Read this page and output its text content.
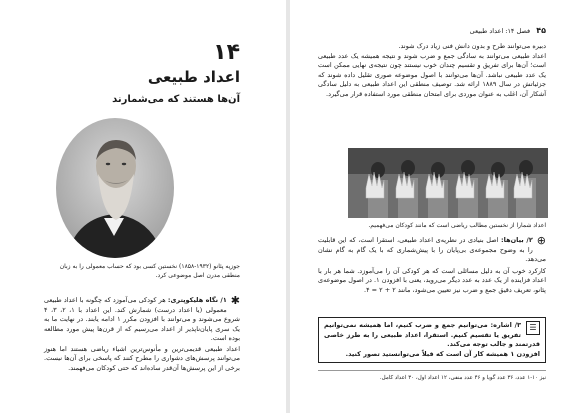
۱۴
اعداد طبیعی
آن‌ها هستند که می‌شمارند
جوزپه پئانو (۱۹۳۲-۱۸۵۸) نخستین کسی بود که حساب معمولی را به زبان منطقی مدرن اصل موضوعی کرد.
✱

۱/ نگاه هلیکوپتری: هر کودکی می‌آموزد که چگونه با اعداد طبیعی معمولی (یا اعداد درست) شمارش کند. این اعداد با ۱، ۲، ۳، ۴ شروع می‌شوند و می‌توانند با افزودن مکرر ۱ ادامه یابند. در نهایت ما به یک سری پایان‌ناپذیر از اعداد می‌رسیم که از قرن‌ها پیش مورد مطالعه بوده است.

اعداد طبیعی قدیمی‌ترین و مأنوس‌ترین اشیاء ریاضی هستند اما هنوز می‌توانند پرسش‌های دشواری را مطرح کنند که پاسخی برای آن‌ها نیست. برخی از این پرسش‌ها آن‌قدر ساده‌اند که حتی کودکان می‌فهمند.

۴۵ فصل ۱۴: اعداد طبیعی

دبیره می‌توانند طرح و بدون دانش فنی زیاد درک شوند.

اعداد طبیعی می‌توانند به سادگی جمع و ضرب شوند و نتیجه همیشه یک عدد طبیعی است؛ آن‌ها برای تفریق و تقسیم چندان خوب نیستند چون نتیجه‌ی نهایی ممکن است یک عدد طبیعی نباشد. آن‌ها می‌توانند با اصول موضوعه صوری تقلیل داده شوند که جزئیاتش در سال ۱۸۸۹ ارائه شد. توصیف منطقی این اعداد طبیعی به دلیل سادگی آشکار آن، اغلب به عنوان موردی برای امتحان منطقی مورد استفاده قرار می‌گیرد.

اعداد شمارا از نخستین مطالب ریاضی است که مانند کودکان می‌فهمیم.
⊕

۲/ بیان‌ها: اصل بنیادی در نظریه‌ی اعداد طبیعی، استقرا است، که این قابلیت را به وضوح مجموعه‌ی بی‌پایان را با پیش‌شماری که با یک گام به گام نشان می‌دهد.

کارکرد خوب آن به دلیل مسائلی است که هر کودکی آن را می‌آموزد. شما هر بار با اعداد فزاینده از یک عدد به عدد دیگر می‌روید، یعنی با افزودن ۱. در اصول موضوعه‌ی پئانو، تعریف دقیق جمع و ضرب نیز تعیین می‌شود، مانند ۲ + ۲ = ۴.

☰

۳/ اشاره: می‌توانیم جمع و ضرب کنیم، اما همیشه نمی‌توانیم تفریق یا تقسیم کنیم. استقرا، اعداد طبیعی را به طرز خاصی قدرتمند و جالب توجه می‌کند.

افزودن ۱ همیشه کار آن است که قبلاً می‌توانستید تصور کنید.

نیز ۱۰-۱ عدد، ۳۶ عدد گویا و ۴۶ عدد منفی، ۱۲ اعداد اول، ۳۰ اعداد کامل.
